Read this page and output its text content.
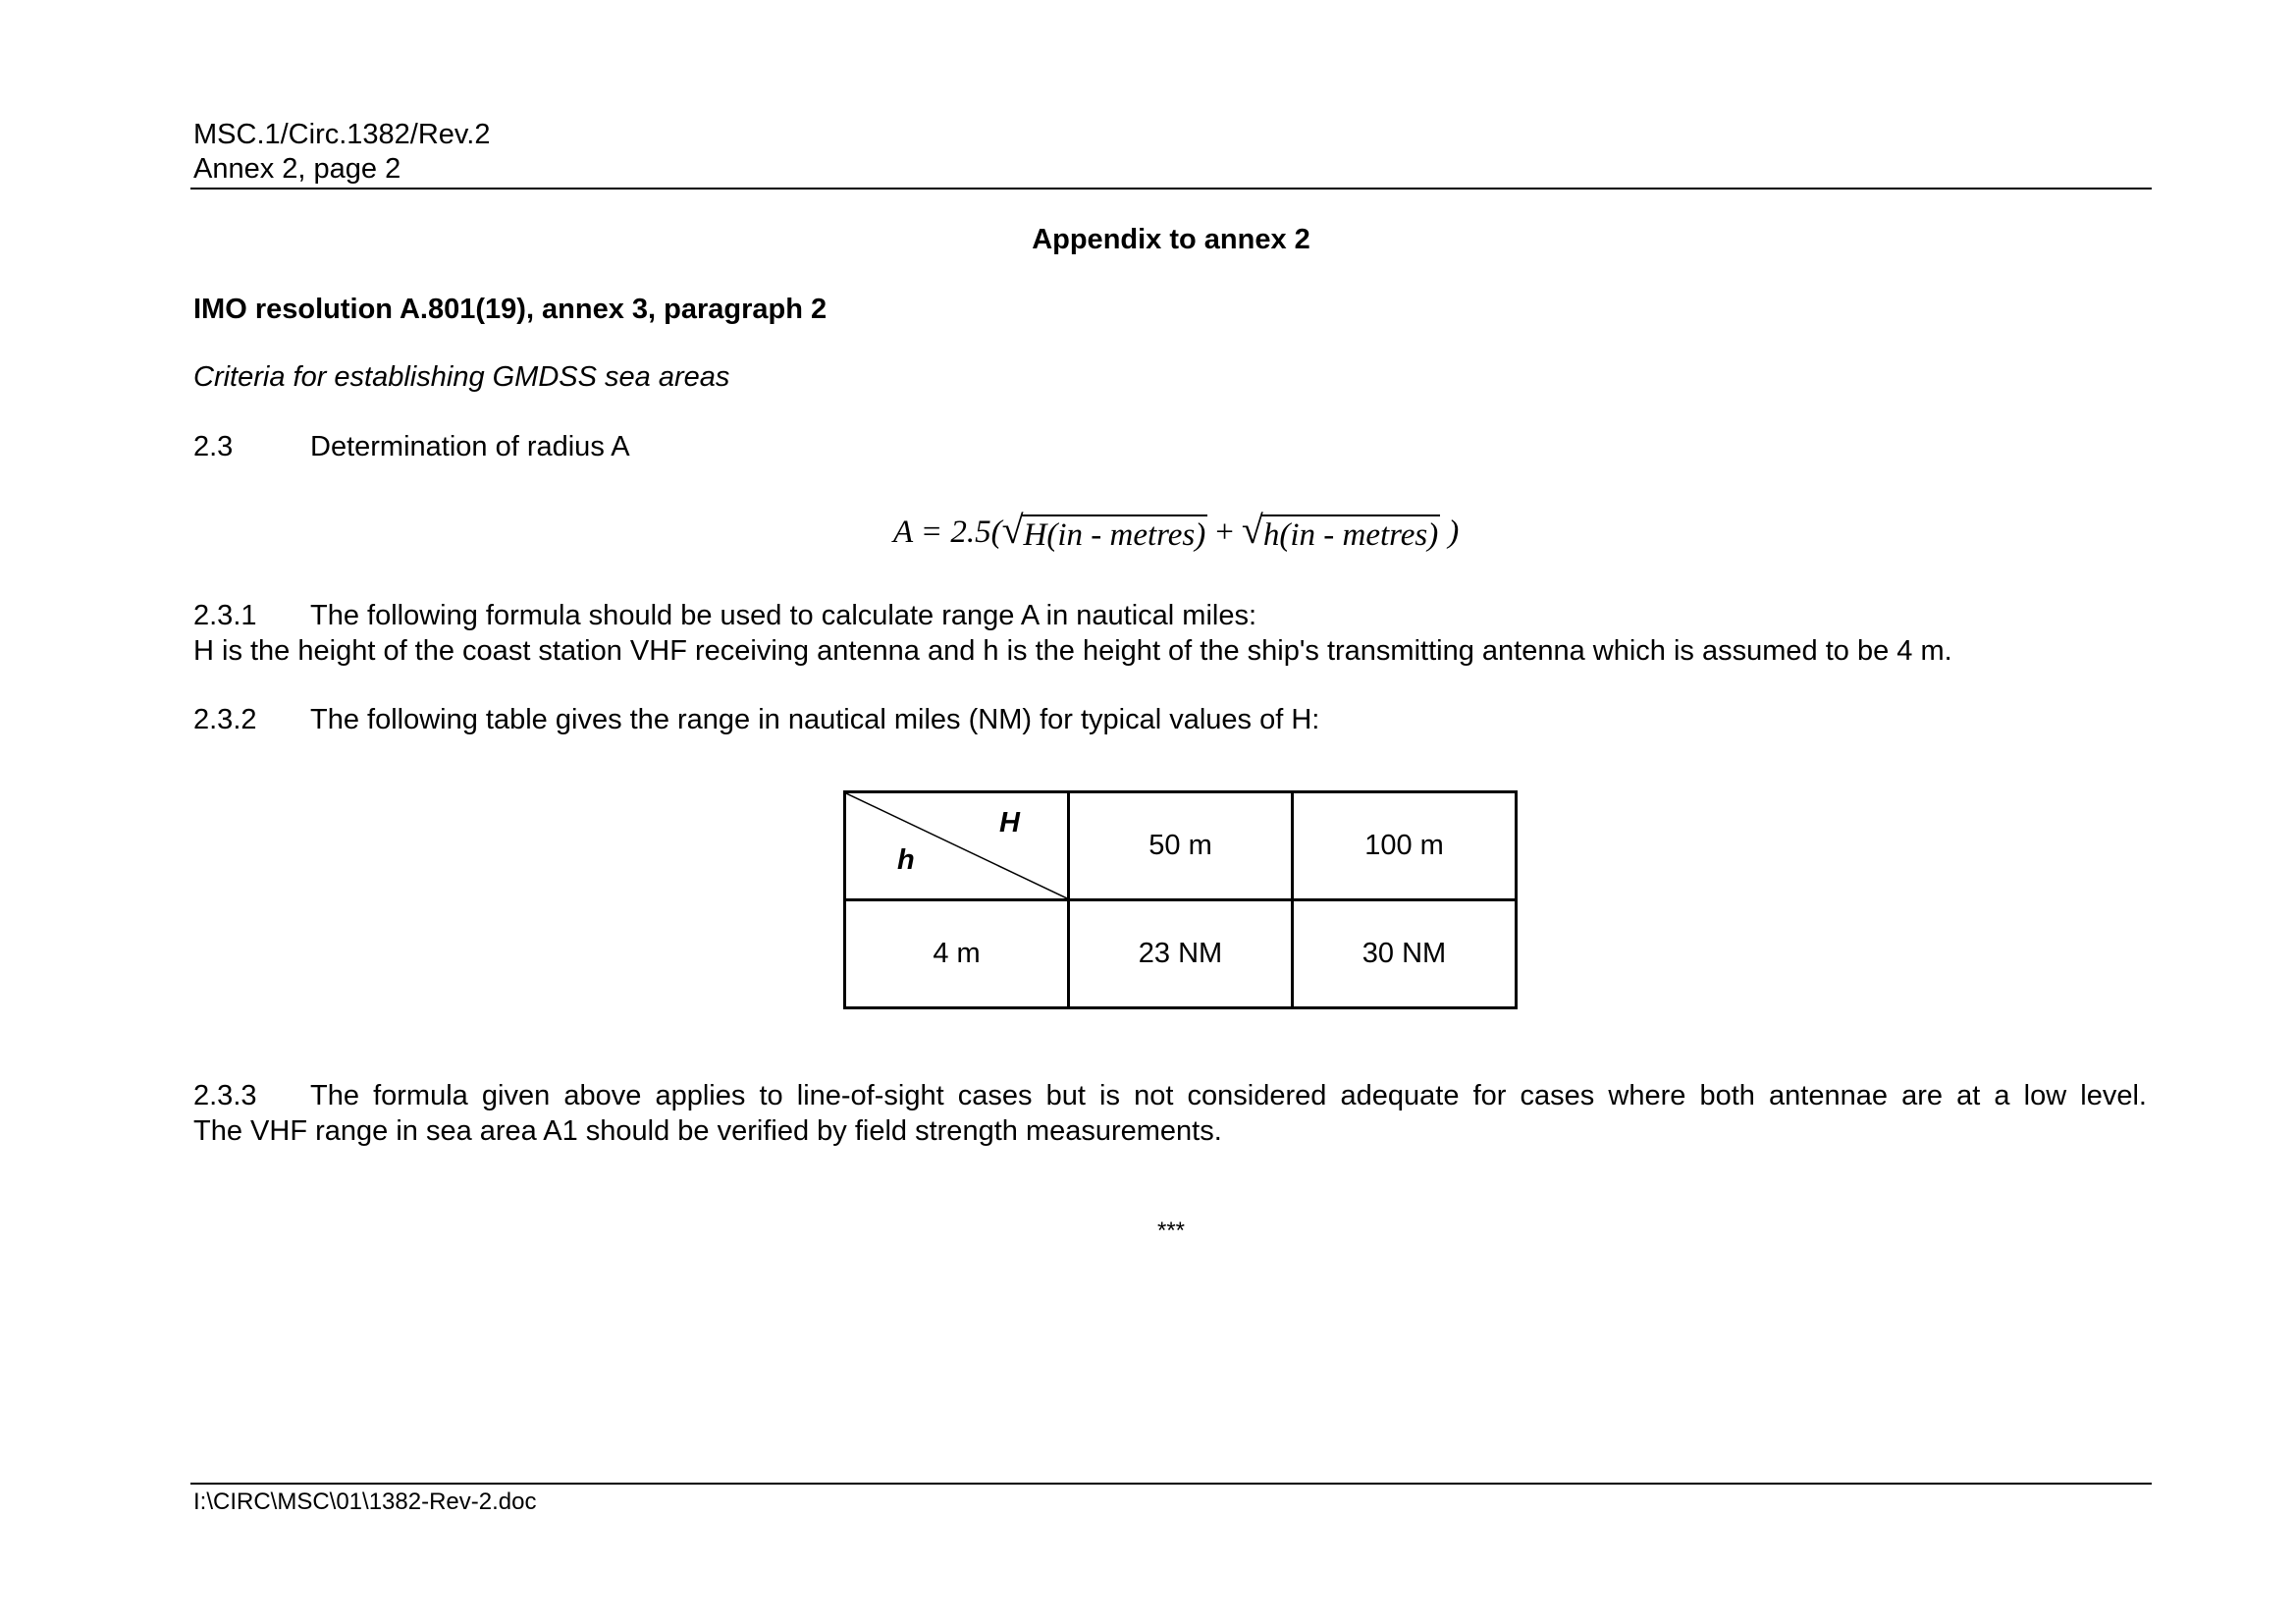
MSC.1/Circ.1382/Rev.2
Annex 2, page 2
Appendix to annex 2
IMO resolution A.801(19), annex 3, paragraph 2
Criteria for establishing GMDSS sea areas
2.3	Determination of radius A
A = 2.5( √ H(in - metres) + √ h(in - metres) )
2.3.1 The following formula should be used to calculate range A in nautical miles:
H is the height of the coast station VHF receiving antenna and h is the height of the ship's transmitting antenna which is assumed to be 4 m.
2.3.2 The following table gives the range in nautical miles (NM) for typical values of H:
H
h	50 m	100 m
4 m	23 NM	30 NM
2.3.3 The formula given above applies to line-of-sight cases but is not considered adequate for cases where both antennae are at a low level.
The VHF range in sea area A1 should be verified by field strength measurements.
***
I:\CIRC\MSC\01\1382-Rev-2.doc
